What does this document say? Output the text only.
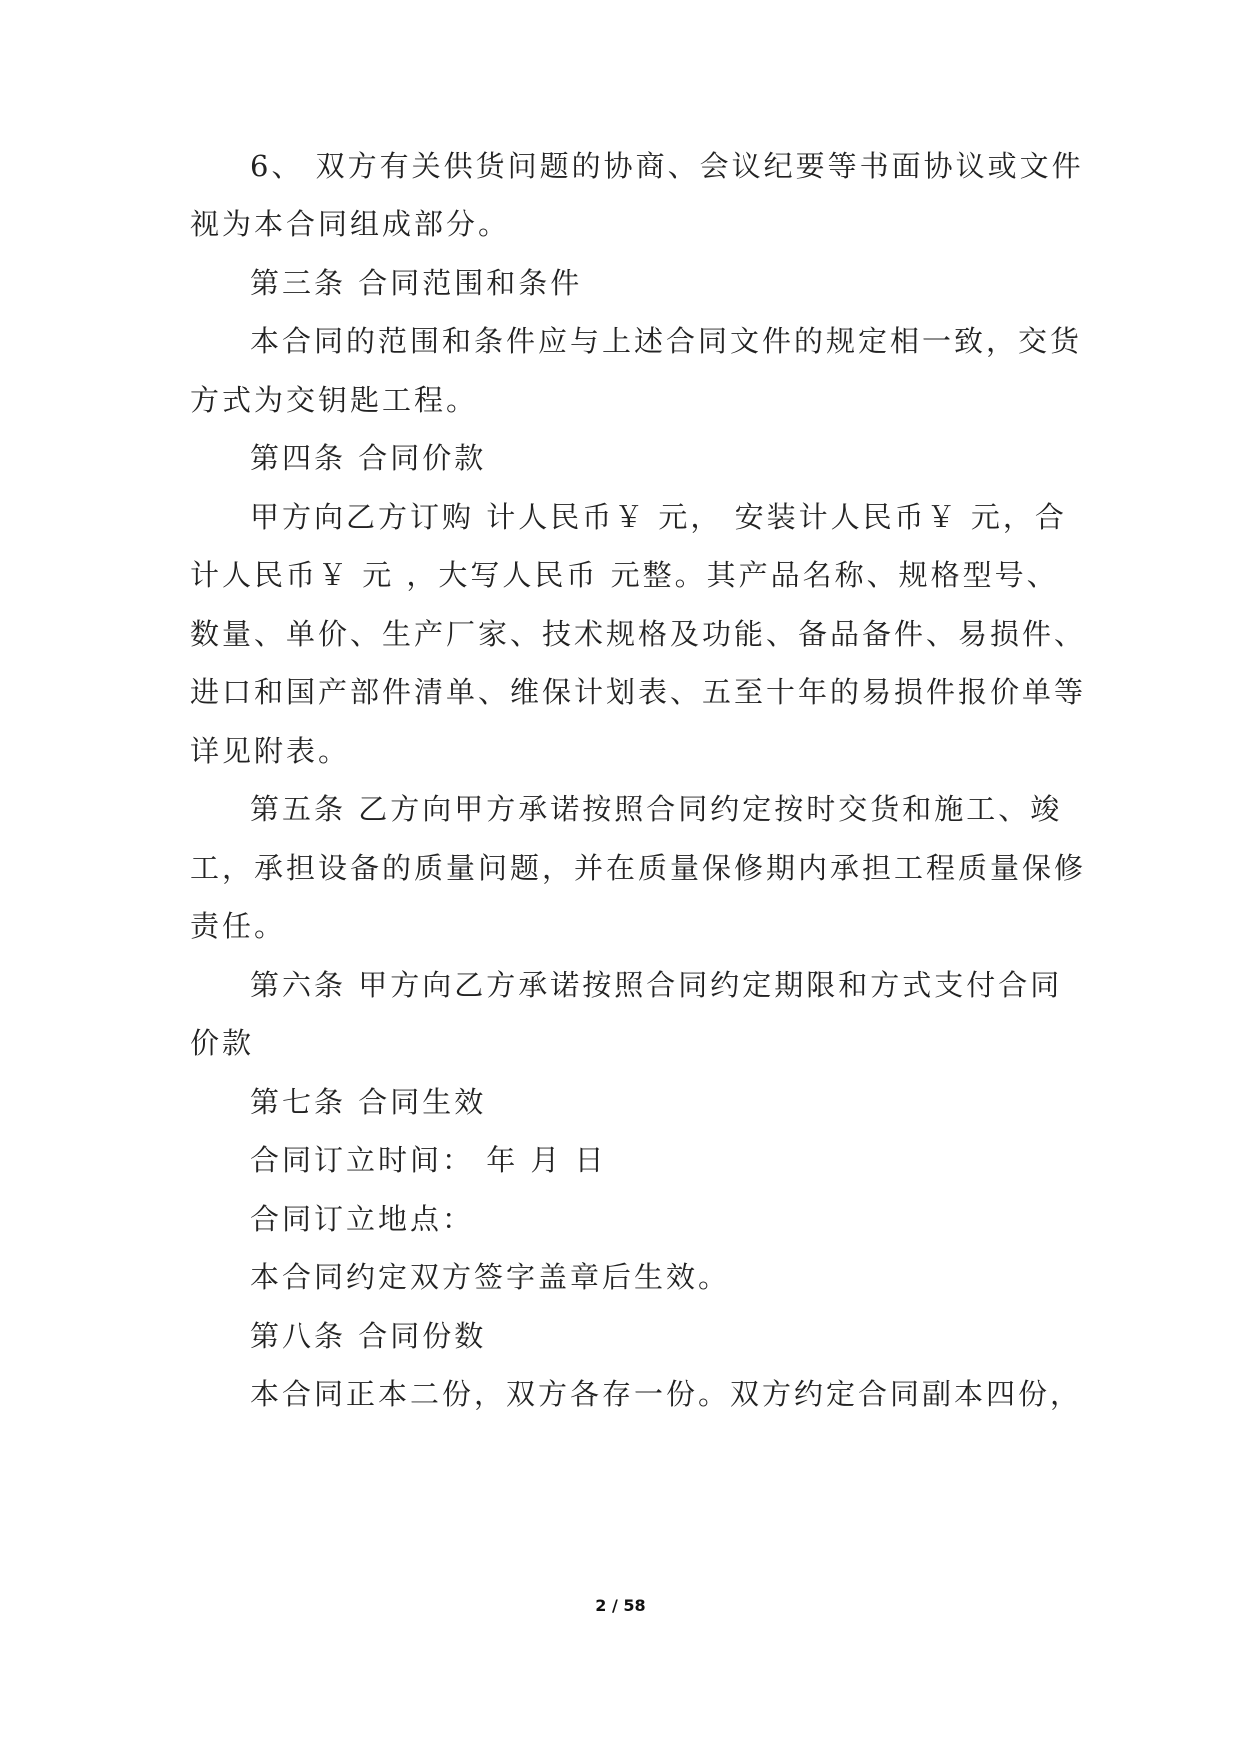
6、 双方有关供货问题的协商、会议纪要等书面协议或文件
视为本合同组成部分。
第三条 合同范围和条件
本合同的范围和条件应与上述合同文件的规定相一致，交货
方式为交钥匙工程。
第四条 合同价款
甲方向乙方订购 计人民币￥ 元， 安装计人民币￥ 元，合
计人民币￥ 元 ，大写人民币 元整。其产品名称、规格型号、
数量、单价、生产厂家、技术规格及功能、备品备件、易损件、
进口和国产部件清单、维保计划表、五至十年的易损件报价单等
详见附表。
第五条 乙方向甲方承诺按照合同约定按时交货和施工、竣
工，承担设备的质量问题，并在质量保修期内承担工程质量保修
责任。
第六条 甲方向乙方承诺按照合同约定期限和方式支付合同
价款
第七条 合同生效
合同订立时间： 年 月 日
合同订立地点：
本合同约定双方签字盖章后生效。
第八条 合同份数
本合同正本二份，双方各存一份。双方约定合同副本四份，
2 / 58
